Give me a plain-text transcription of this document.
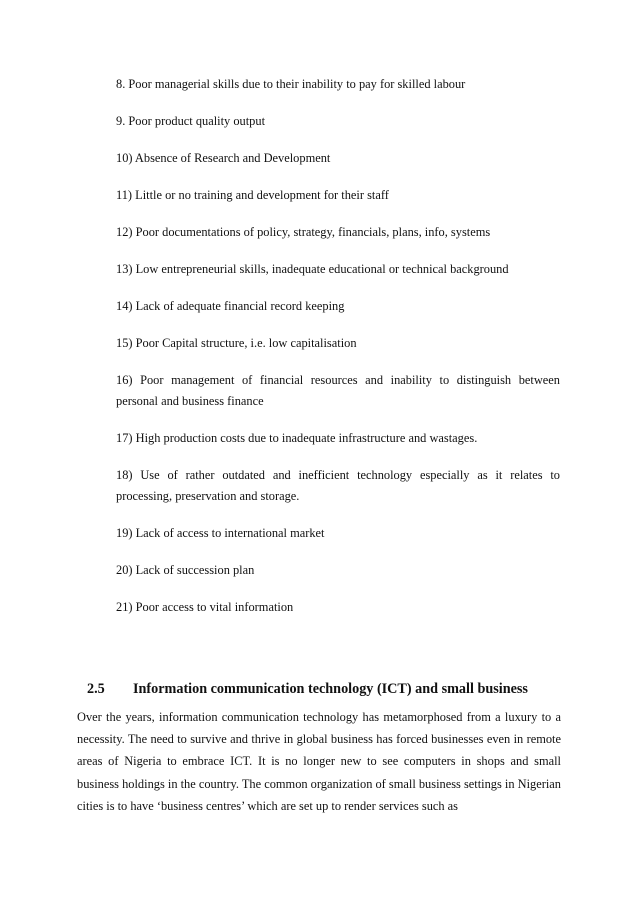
8. Poor managerial skills due to their inability to pay for skilled labour

9. Poor product quality output

10) Absence of Research and Development

11) Little or no training and development for their staff

12) Poor documentations of policy, strategy, financials, plans, info, systems

13) Low entrepreneurial skills, inadequate educational or technical background

14) Lack of adequate financial record keeping

15) Poor Capital structure, i.e. low capitalisation

16) Poor management of financial resources and inability to distinguish between personal and business finance

17) High production costs due to inadequate infrastructure and wastages.

18) Use of rather outdated and inefficient technology especially as it relates to processing, preservation and storage.

19) Lack of access to international market

20) Lack of succession plan

21) Poor access to vital information

2.5 Information communication technology (ICT) and small business

Over the years, information communication technology has metamorphosed from a luxury to a necessity. The need to survive and thrive in global business has forced businesses even in remote areas of Nigeria to embrace ICT. It is no longer new to see computers in shops and small business holdings in the country. The common organization of small business settings in Nigerian cities is to have ‘business centres’ which are set up to render services such as
